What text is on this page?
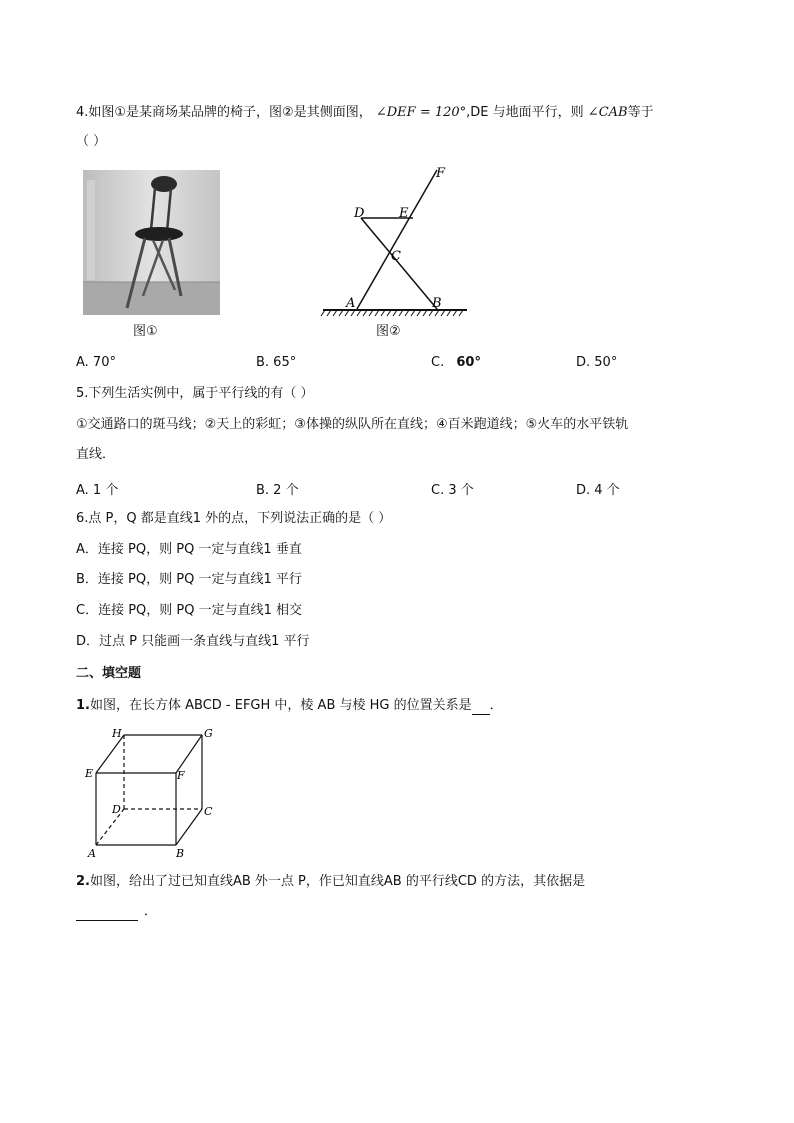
4.如图①是某商场某品牌的椅子，图②是其侧面图， ∠DEF = 120°,DE 与地面平行，则 ∠CAB等于
（ ）
图①
F
D	E
C
A	B
图②
A. 70°	B. 65°	C. 60°	D. 50°
5.下列生活实例中，属于平行线的有（ ）
①交通路口的斑马线；②天上的彩虹；③体操的纵队所在直线；④百米跑道线；⑤火车的水平铁轨
直线．
A. 1 个	B. 2 个	C. 3 个	D. 4 个
6.点 P，Q 都是直线1 外的点，下列说法正确的是（ ）
A．连接 PQ，则 PQ 一定与直线1 垂直
B．连接 PQ，则 PQ 一定与直线1 平行
C．连接 PQ，则 PQ 一定与直线1 相交
D．过点 P 只能画一条直线与直线1 平行
二、填空题
1.如图，在长方体 ABCD - EFGH 中，棱 AB 与棱 HG 的位置关系是 ．
H	G
E	F
D	C
A	B
2.如图，给出了过已知直线AB 外一点 P，作已知直线AB 的平行线CD 的方法，其依据是
．
